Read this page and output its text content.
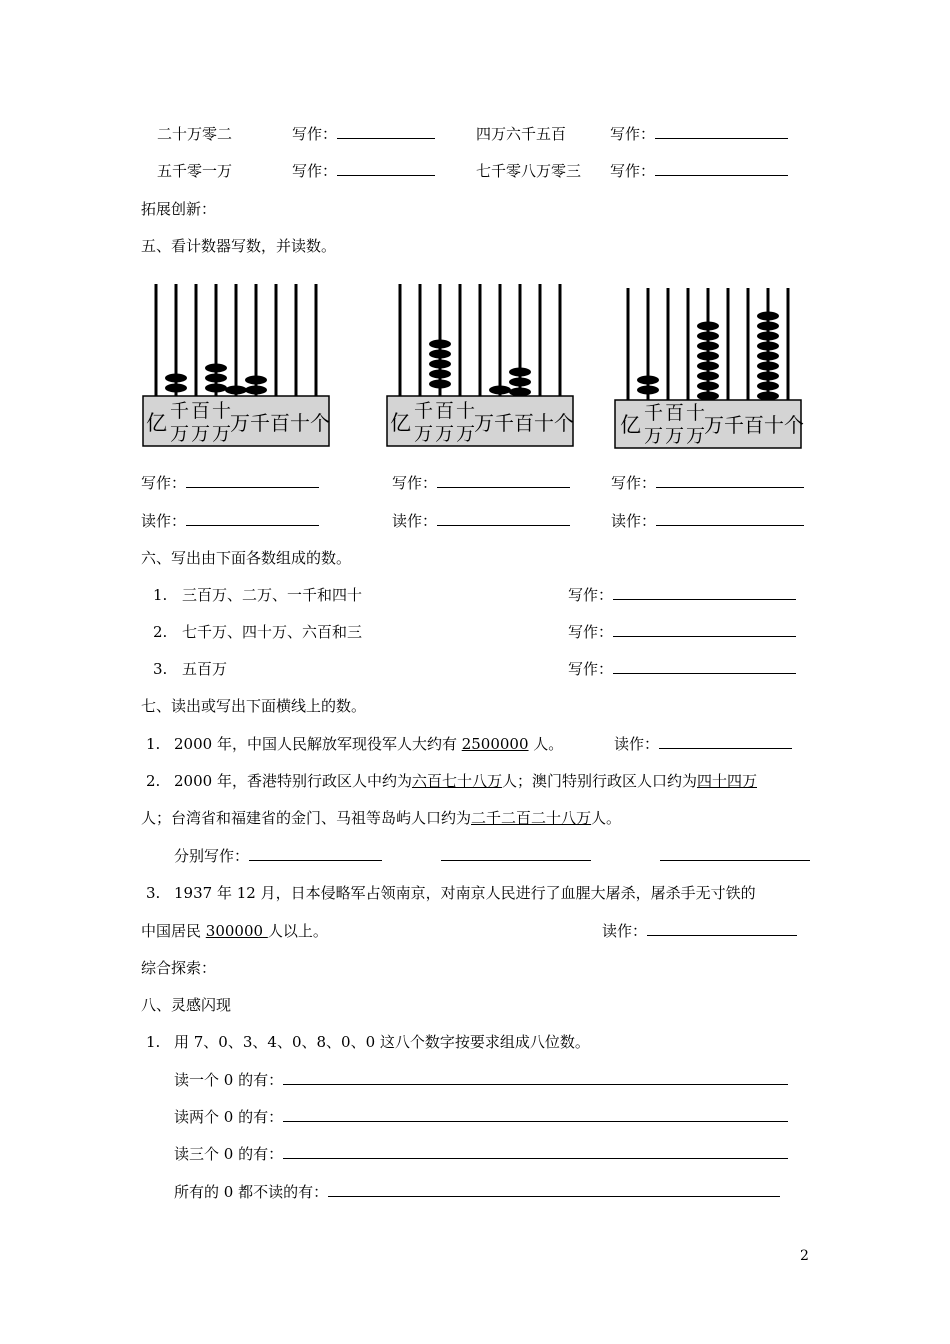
二十万零二	写作：	四万六千五百	写作：
五千零一万	写作：	七千零八万零三 写作：
拓展创新：
五、看计数器写数，并读数。
亿
千 百 十
万 万 万
万千百十个	亿
千 百 十
万 万 万
万千百十个 亿
千 百 十
万 万 万
万千百十个
写作：	写作：	写作：
读作：	读作：	读作：
六、写出由下面各数组成的数。
1. 三百万、二万、一千和四十	写作：
2. 七千万、四十万、六百和三	写作：
3. 五百万	写作：
七、读出或写出下面横线上的数。
1. 2000 年，中国人民解放军现役军人大约有 2500000 人。	读作：
2. 2000 年，香港特别行政区人中约为六百七十八万人；澳门特别行政区人口约为四十四万
人；台湾省和福建省的金门、马祖等岛屿人口约为二千二百二十八万人。
分别写作：
3. 1937 年 12 月，日本侵略军占领南京，对南京人民进行了血腥大屠杀，屠杀手无寸铁的
中国居民 300000 人以上。	读作：
综合探索：
八、灵感闪现
1. 用 7、0、3、4、0、8、0、0 这八个数字按要求组成八位数。
读一个 0 的有：
读两个 0 的有：
读三个 0 的有：
所有的 0 都不读的有：
2
